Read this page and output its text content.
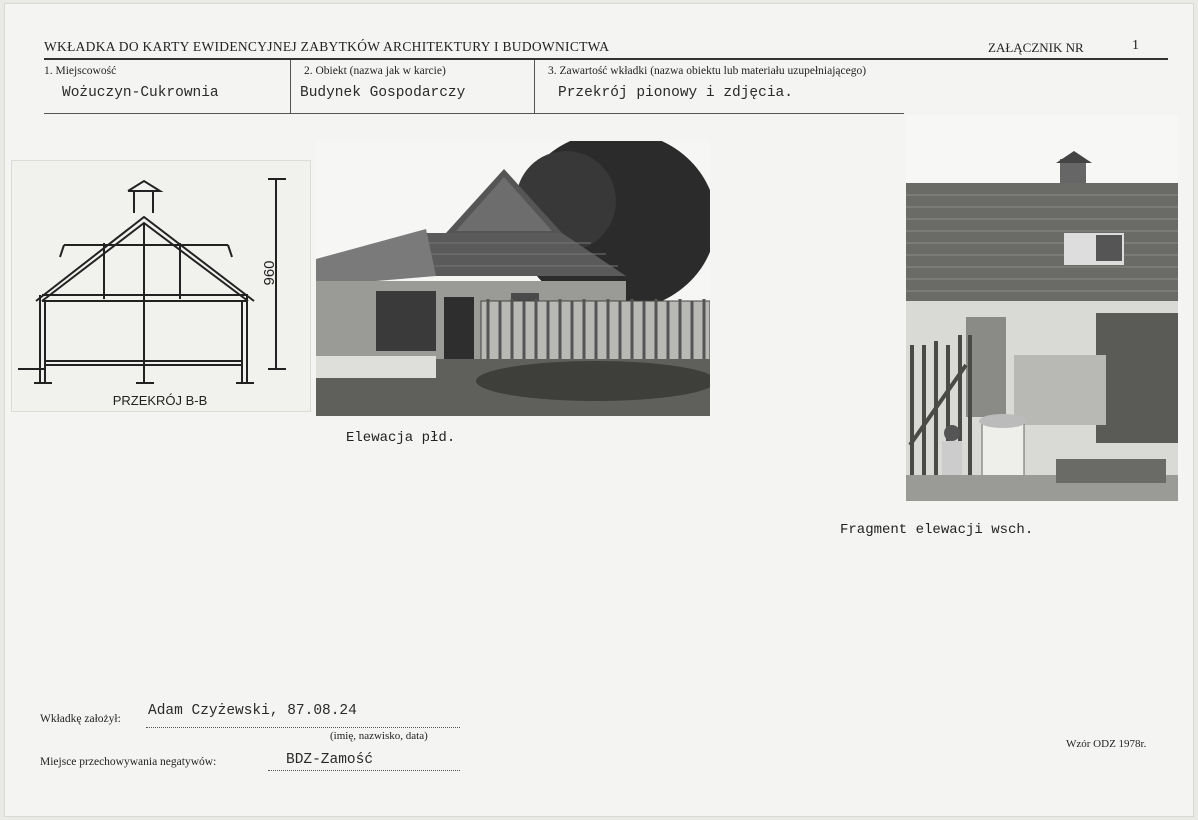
WKŁADKA DO KARTY EWIDENCYJNEJ ZABYTKÓW ARCHITEKTURY I BUDOWNICTWA	ZAŁĄCZNIK NR	1
1. Miejscowość
Wożuczyn-Cukrownia
2. Obiekt (nazwa jak w karcie)
Budynek Gospodarczy
3. Zawartość wkładki (nazwa obiektu lub materiału uzupełniającego)
Przekrój pionowy i zdjęcia.
960
PRZEKRÓJ B-B
Elewacja płd.
Fragment elewacji wsch.
Wkładkę założył: Adam Czyżewski, 87.08.24
(imię, nazwisko, data)
Miejsce przechowywania negatywów:	BDZ-Zamość
Wzór ODZ 1978r.
